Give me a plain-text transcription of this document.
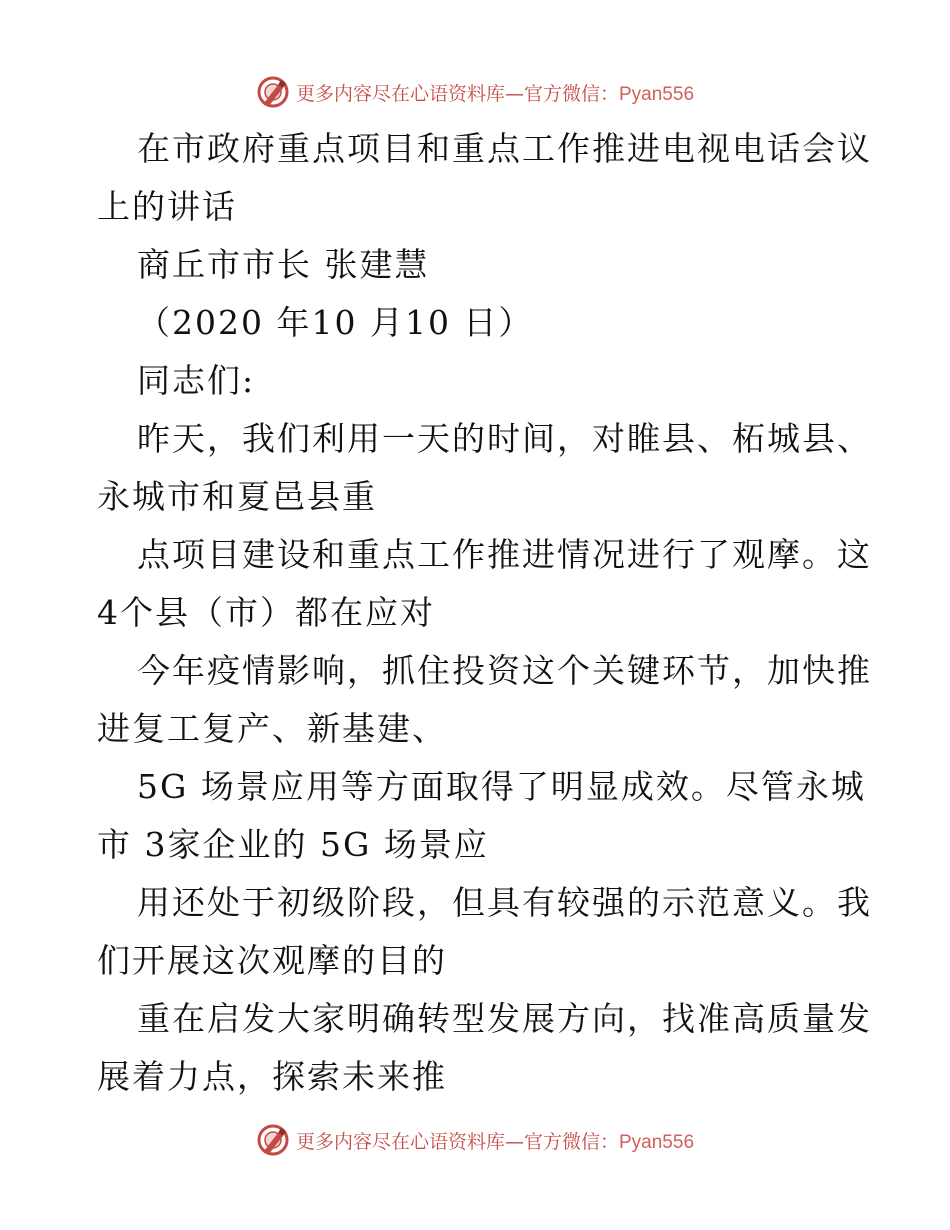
更多内容尽在心语资料库—官方微信：Pyan556
在市政府重点项目和重点工作推进电视电话会议
上的讲话
商丘市市长 张建慧
（2020 年10 月10 日）
同志们:
昨天，我们利用一天的时间，对睢县、柘城县、
永城市和夏邑县重
点项目建设和重点工作推进情况进行了观摩。这
4个县（市）都在应对
今年疫情影响，抓住投资这个关键环节，加快推
进复工复产、新基建、
5G 场景应用等方面取得了明显成效。尽管永城
市 3家企业的 5G 场景应
用还处于初级阶段，但具有较强的示范意义。我
们开展这次观摩的目的
重在启发大家明确转型发展方向，找准高质量发
展着力点，探索未来推
更多内容尽在心语资料库—官方微信：Pyan556
